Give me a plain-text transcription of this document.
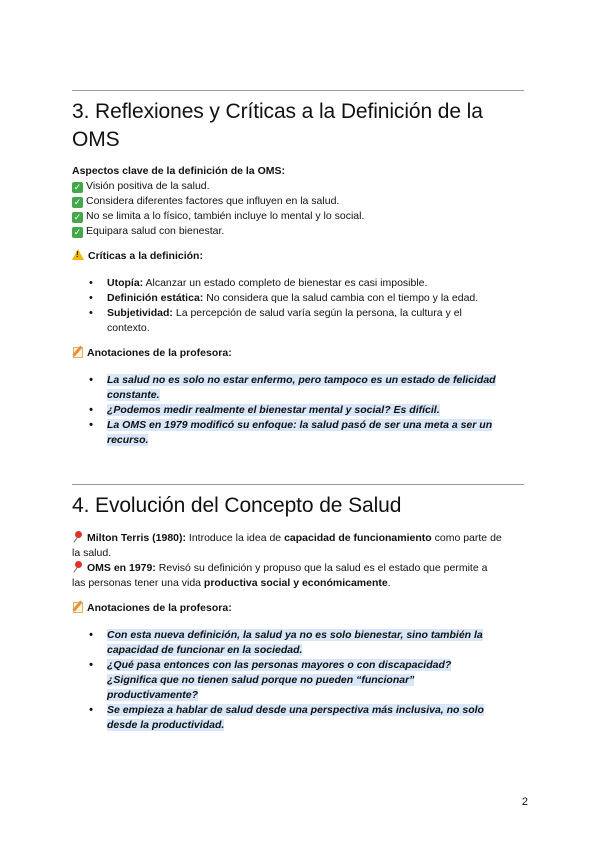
3. Reflexiones y Críticas a la Definición de la
OMS

Aspectos clave de la definición de la OMS:

✓ Visión positiva de la salud.

✓ Considera diferentes factores que influyen en la salud.

✓ No se limita a lo físico, también incluye lo mental y lo social.

✓ Equipara salud con bienestar.

!Críticas a la definición:

• Utopía: Alcanzar un estado completo de bienestar es casi imposible.
• Definición estática: No considera que la salud cambia con el tiempo y la edad.
• Subjetividad: La percepción de salud varía según la persona, la cultura y el
contexto.

Anotaciones de la profesora:

• La salud no es solo no estar enfermo, pero tampoco es un estado de felicidad
constante.
• ¿Podemos medir realmente el bienestar mental y social? Es difícil.
• La OMS en 1979 modificó su enfoque: la salud pasó de ser una meta a ser un
recurso.
4. Evolución del Concepto de Salud

Milton Terris (1980): Introduce la idea de capacidad de funcionamiento como parte de
la salud.

OMS en 1979: Revisó su definición y propuso que la salud es el estado que permite a
las personas tener una vida productiva social y económicamente.

Anotaciones de la profesora:

• Con esta nueva definición, la salud ya no es solo bienestar, sino también la
capacidad de funcionar en la sociedad.
• ¿Qué pasa entonces con las personas mayores o con discapacidad?
¿Significa que no tienen salud porque no pueden “funcionar”
productivamente?
• Se empieza a hablar de salud desde una perspectiva más inclusiva, no solo
desde la productividad.
2
